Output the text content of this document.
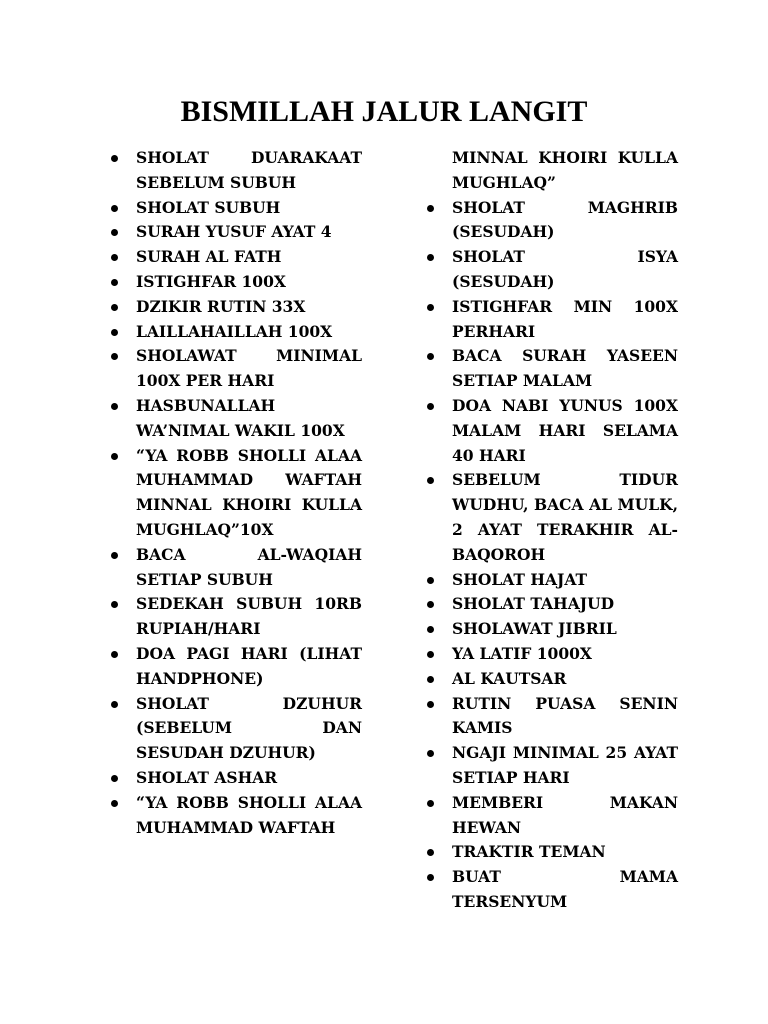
BISMILLAH JALUR LANGIT
SHOLAT DUARAKAAT SEBELUM SUBUH
SHOLAT SUBUH
SURAH YUSUF AYAT 4
SURAH AL FATH
ISTIGHFAR 100X
DZIKIR RUTIN 33X
LAILLAHAILLAH 100X
SHOLAWAT MINIMAL 100X PER HARI
HASBUNALLAH WA’NIMAL WAKIL 100X
“YA ROBB SHOLLI ALAA MUHAMMAD WAFTAH MINNAL KHOIRI KULLA MUGHLAQ”10X
BACA AL-WAQIAH SETIAP SUBUH
SEDEKAH SUBUH 10RB RUPIAH/HARI
DOA PAGI HARI (LIHAT HANDPHONE)
SHOLAT DZUHUR (SEBELUM DAN SESUDAH DZUHUR)
SHOLAT ASHAR
“YA ROBB SHOLLI ALAA MUHAMMAD WAFTAH
MINNAL KHOIRI KULLA MUGHLAQ”
SHOLAT MAGHRIB (SESUDAH)
SHOLAT ISYA (SESUDAH)
ISTIGHFAR MIN 100X PERHARI
BACA SURAH YASEEN SETIAP MALAM
DOA NABI YUNUS 100X MALAM HARI SELAMA 40 HARI
SEBELUM TIDUR WUDHU, BACA AL MULK, 2 AYAT TERAKHIR AL-BAQOROH
SHOLAT HAJAT
SHOLAT TAHAJUD
SHOLAWAT JIBRIL
YA LATIF 1000X
AL KAUTSAR
RUTIN PUASA SENIN KAMIS
NGAJI MINIMAL 25 AYAT SETIAP HARI
MEMBERI MAKAN HEWAN
TRAKTIR TEMAN
BUAT MAMA TERSENYUM
